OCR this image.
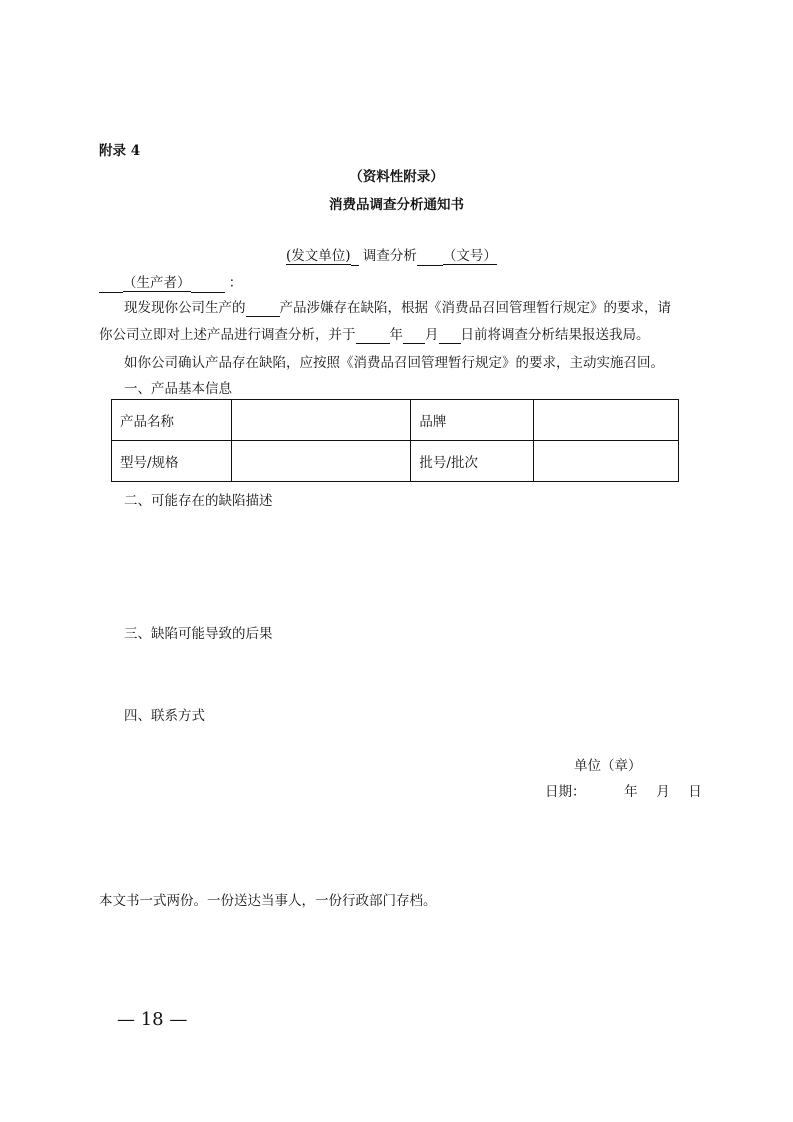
附录 4
（资料性附录）
消费品调查分析通知书
(发文单位) 调查分析 （文号）
（生产者）	：
现发现你公司生产的	产品涉嫌存在缺陷，根据《消费品召回管理暂行规定》的要求，请
你公司立即对上述产品进行调查分析，并于	年 月 日前将调查分析结果报送我局。
如你公司确认产品存在缺陷，应按照《消费品召回管理暂行规定》的要求，主动实施召回。
一、产品基本信息
产品名称		品牌	
型号/规格		批号/批次	
二、可能存在的缺陷描述
三、缺陷可能导致的后果
四、联系方式
单位（章）
日期：	年 月 日
本文书一式两份。一份送达当事人，一份行政部门存档。
— 18 —
